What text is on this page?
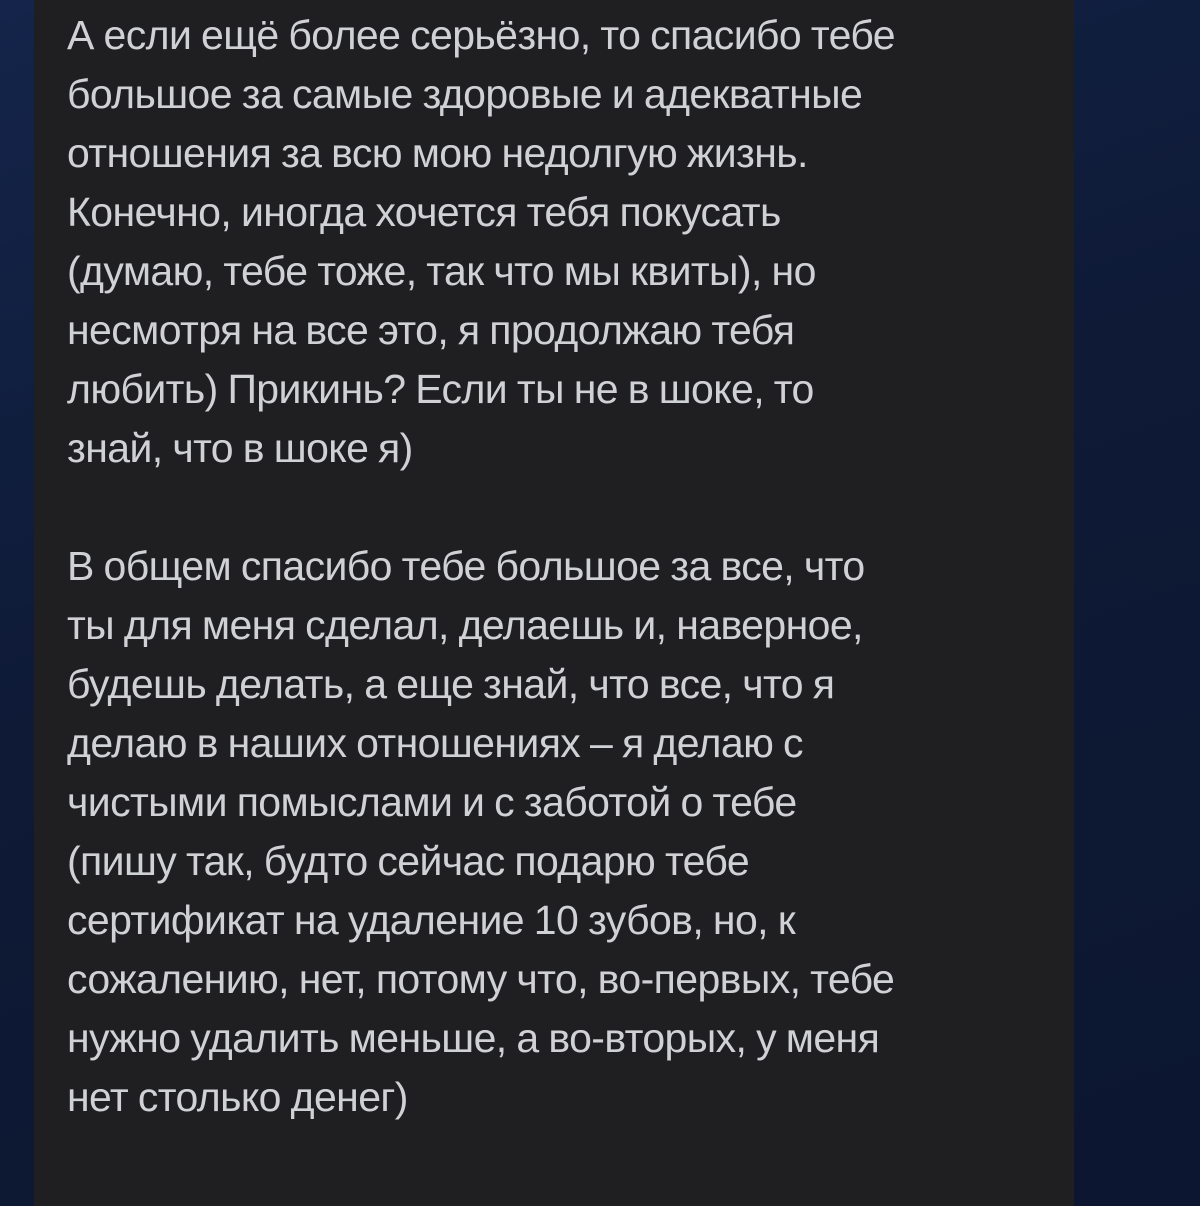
А если ещё более серьёзно, то спасибо тебе
большое за самые здоровые и адекватные
отношения за всю мою недолгую жизнь.
Конечно, иногда хочется тебя покусать
(думаю, тебе тоже, так что мы квиты), но
несмотря на все это, я продолжаю тебя
любить) Прикинь? Если ты не в шоке, то
знай, что в шоке я)
В общем спасибо тебе большое за все, что
ты для меня сделал, делаешь и, наверное,
будешь делать, а еще знай, что все, что я
делаю в наших отношениях – я делаю с
чистыми помыслами и с заботой о тебе
(пишу так, будто сейчас подарю тебе
сертификат на удаление 10 зубов, но, к
сожалению, нет, потому что, во-первых, тебе
нужно удалить меньше, а во-вторых, у меня
нет столько денег)
